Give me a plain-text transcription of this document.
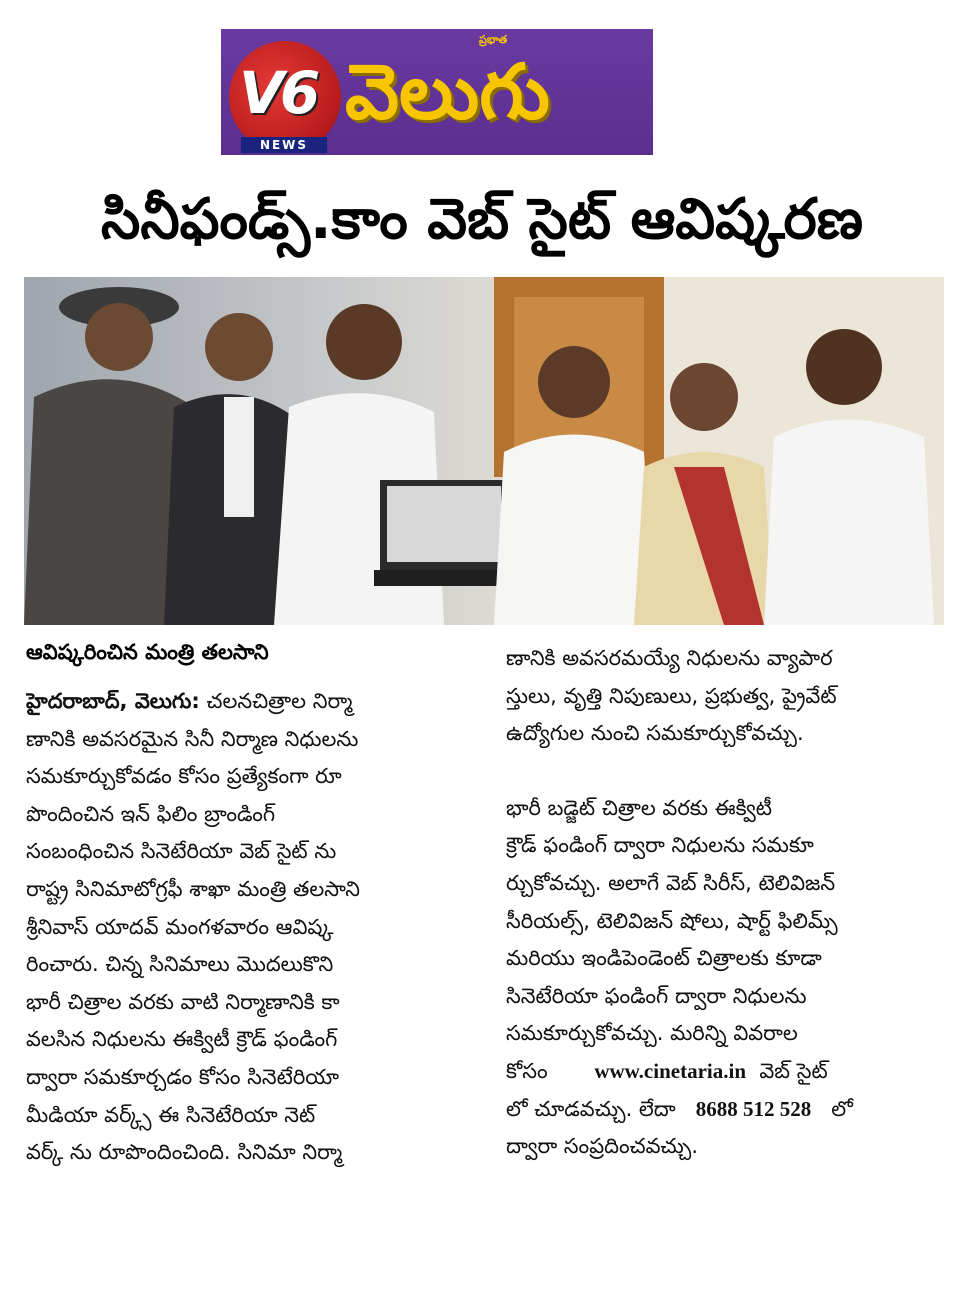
V6
NEWS
ప్రభాత
వెలుగు
సినీఫండ్స్.కాం వెబ్ సైట్ ఆవిష్కరణ
ఆవిష్కరించిన మంత్రి తలసాని
హైదరాబాద్, వెలుగు: చలనచిత్రాల నిర్మా
ణానికి అవసరమైన సినీ నిర్మాణ నిధులను
సమకూర్చుకోవడం కోసం ప్రత్యేకంగా రూ
పొందించిన ఇన్ ఫిలిం బ్రాండింగ్
సంబంధించిన సినెటేరియా వెబ్ సైట్ ను
రాష్ట్ర సినిమాటోగ్రఫీ శాఖా మంత్రి తలసాని
శ్రీనివాస్ యాదవ్ మంగళవారం ఆవిష్క
రించారు. చిన్న సినిమాలు మొదలుకొని
భారీ చిత్రాల వరకు వాటి నిర్మాణానికి కా
వలసిన నిధులను ఈక్విటీ క్రౌడ్ ఫండింగ్
ద్వారా సమకూర్చడం కోసం సినెటేరియా
మీడియా వర్క్స్ ఈ సినెటేరియా నెట్
వర్క్ ను రూపొందించింది. సినిమా నిర్మా
ణానికి అవసరమయ్యే నిధులను వ్యాపార
స్తులు, వృత్తి నిపుణులు, ప్రభుత్వ, ప్రైవేట్
ఉద్యోగుల నుంచి సమకూర్చుకోవచ్చు.
భారీ బడ్జెట్ చిత్రాల వరకు ఈక్విటీ
క్రౌడ్ ఫండింగ్ ద్వారా నిధులను సమకూ
ర్చుకోవచ్చు. అలాగే వెబ్ సిరీస్, టెలివిజన్
సీరియల్స్, టెలివిజన్ షోలు, షార్ట్ ఫిలిమ్స్
మరియు ఇండిపెండెంట్ చిత్రాలకు కూడా
సినెటేరియా ఫండింగ్ ద్వారా నిధులను
సమకూర్చుకోవచ్చు. మరిన్ని వివరాల
కోసం www.cinetaria.in వెబ్ సైట్
లో చూడవచ్చు. లేదా 8688 512 528 లో
ద్వారా సంప్రదించవచ్చు.
